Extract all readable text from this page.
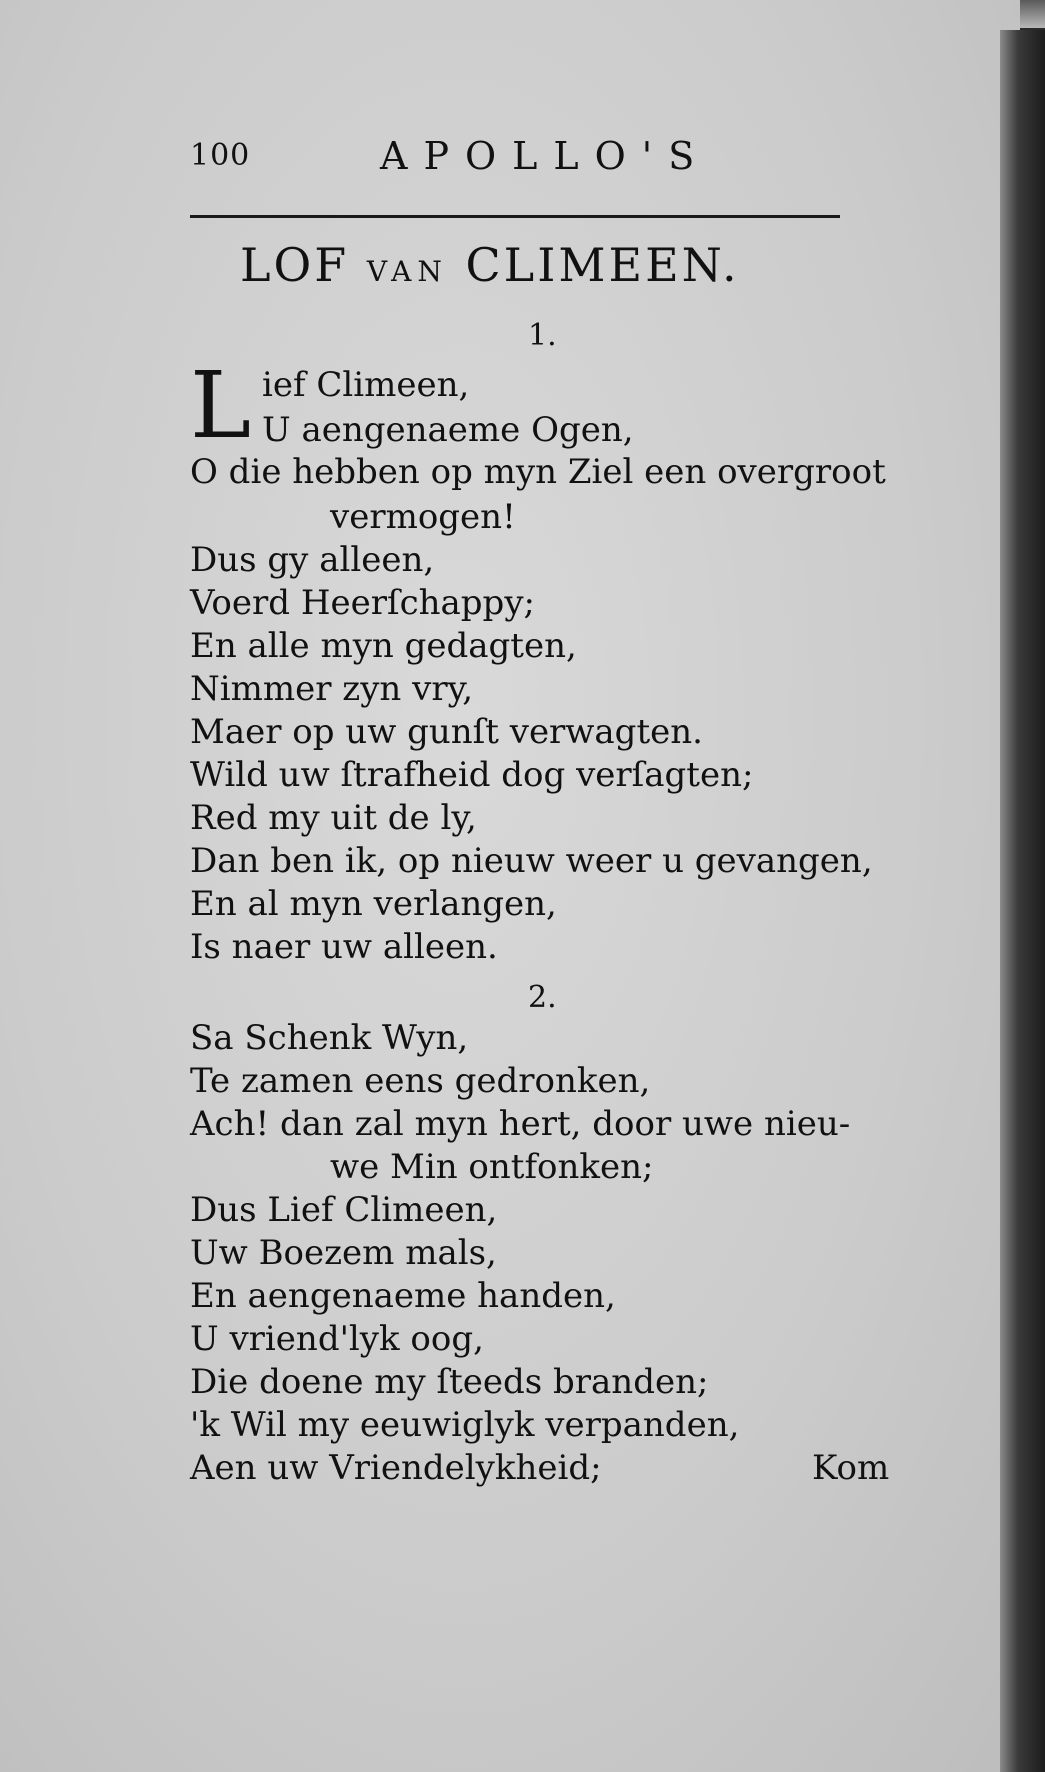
100	APOLLO'S
LOF VAN CLIMEEN.
1.
L ief Climeen,
U aengenaeme Ogen,
O die hebben op myn Ziel een overgroot
vermogen!
Dus gy alleen,
Voerd Heerſchappy;
En alle myn gedagten,
Nimmer zyn vry,
Maer op uw gunſt verwagten.
Wild uw ſtrafheid dog verſagten;
Red my uit de ly,
Dan ben ik, op nieuw weer u gevangen,
En al myn verlangen,
Is naer uw alleen.
2.
Sa Schenk Wyn,
Te zamen eens gedronken,
Ach! dan zal myn hert, door uwe nieu-
we Min ontfonken;
Dus Lief Climeen,
Uw Boezem mals,
En aengenaeme handen,
U vriend'lyk oog,
Die doene my ſteeds branden;
'k Wil my eeuwiglyk verpanden,
Aen uw Vriendelykheid;	Kom
